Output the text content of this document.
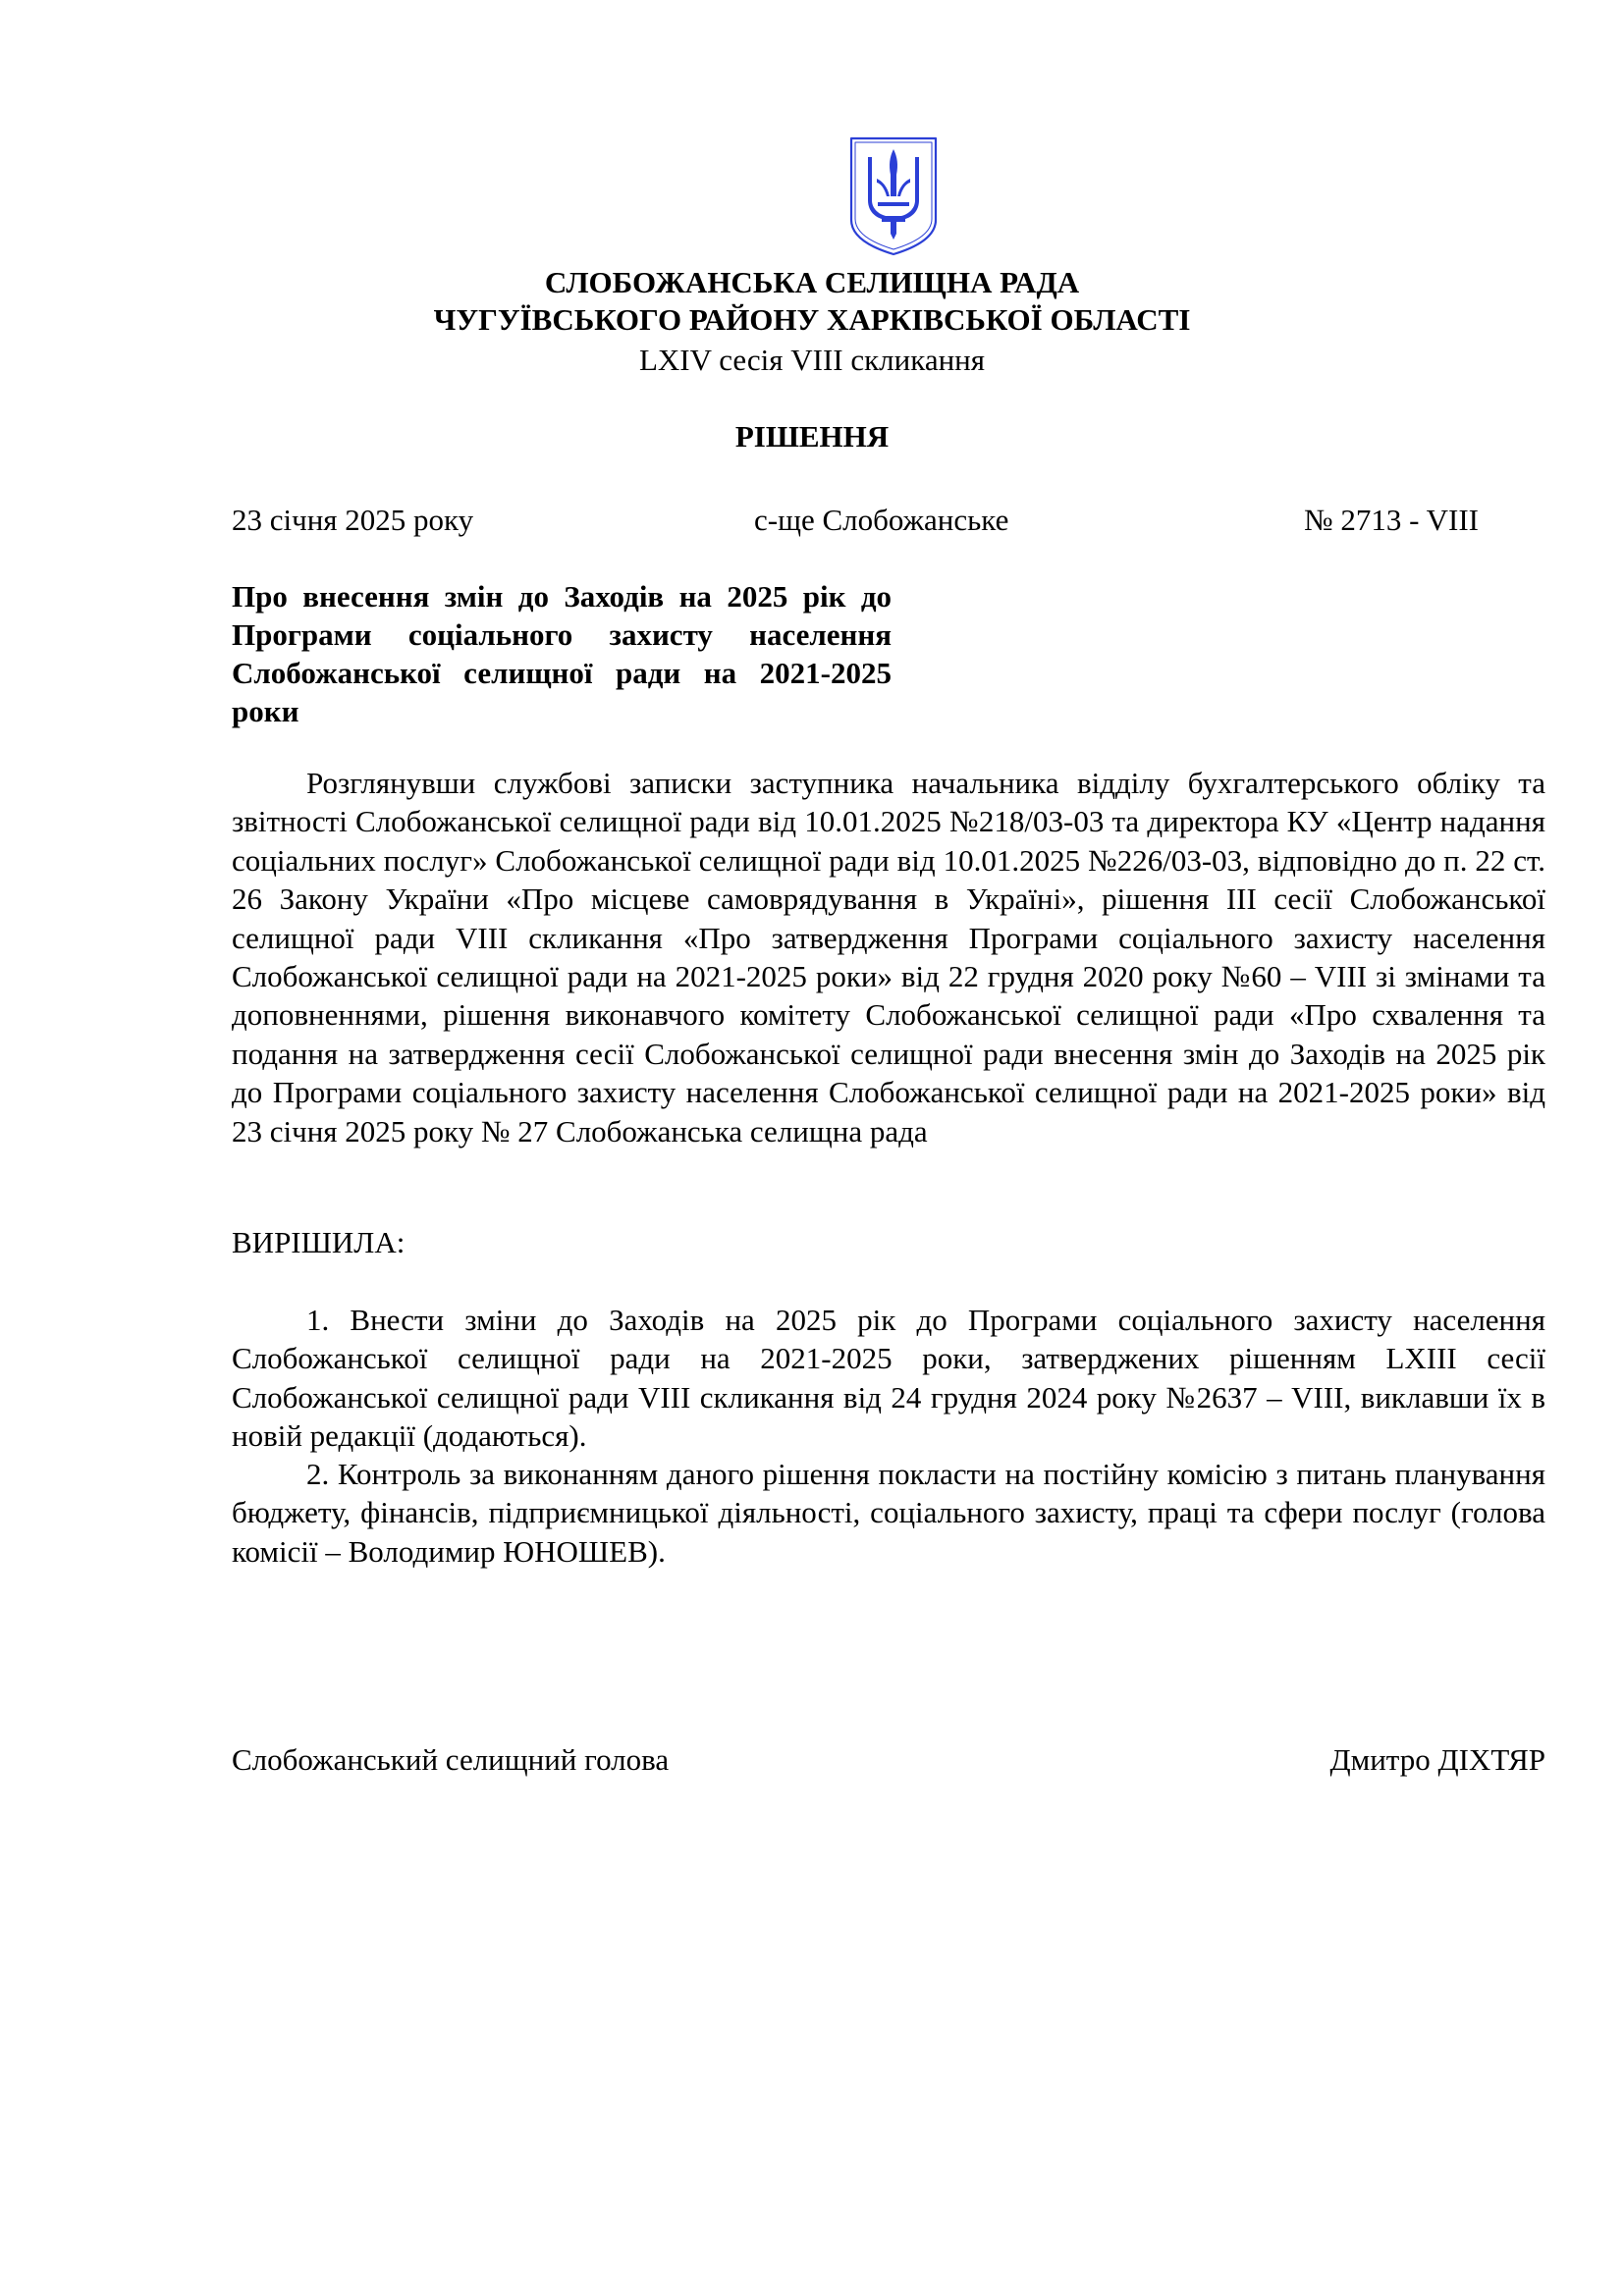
СЛОБОЖАНСЬКА СЕЛИЩНА РАДА
ЧУГУЇВСЬКОГО РАЙОНУ ХАРКІВСЬКОЇ ОБЛАСТІ
LXIV сесія VIII скликання
РІШЕННЯ
23 січня 2025 року	с-ще Слобожанське	№ 2713 - VIII
Про внесення змін до Заходів на 2025 рік до Програми соціального захисту населення Слобожанської селищної ради на 2021-2025 роки
Розглянувши службові записки заступника начальника відділу бухгалтерського обліку та звітності Слобожанської селищної ради від 10.01.2025 №218/03-03 та директора КУ «Центр надання соціальних послуг» Слобожанської селищної ради від 10.01.2025 №226/03-03, відповідно до п. 22 ст. 26 Закону України «Про місцеве самоврядування в Україні», рішення ІІІ сесії Слобожанської селищної ради VIII скликання «Про затвердження Програми соціального захисту населення Слобожанської селищної ради на 2021-2025 роки» від 22 грудня 2020 року №60 – VIII зі змінами та доповненнями, рішення виконавчого комітету Слобожанської селищної ради «Про схвалення та подання на затвердження сесії Слобожанської селищної ради внесення змін до Заходів на 2025 рік до Програми соціального захисту населення Слобожанської селищної ради на 2021-2025 роки» від 23 січня 2025 року № 27 Слобожанська селищна рада
ВИРІШИЛА:
1. Внести зміни до Заходів на 2025 рік до Програми соціального захисту населення Слобожанської селищної ради на 2021-2025 роки, затверджених рішенням LXIII сесії Слобожанської селищної ради VIII скликання від 24 грудня 2024 року №2637 – VIII, виклавши їх в новій редакції (додаються).
2. Контроль за виконанням даного рішення покласти на постійну комісію з питань планування бюджету, фінансів, підприємницької діяльності, соціального захисту, праці та сфери послуг (голова комісії – Володимир ЮНОШЕВ).
Слобожанський селищний голова	Дмитро ДІХТЯР
